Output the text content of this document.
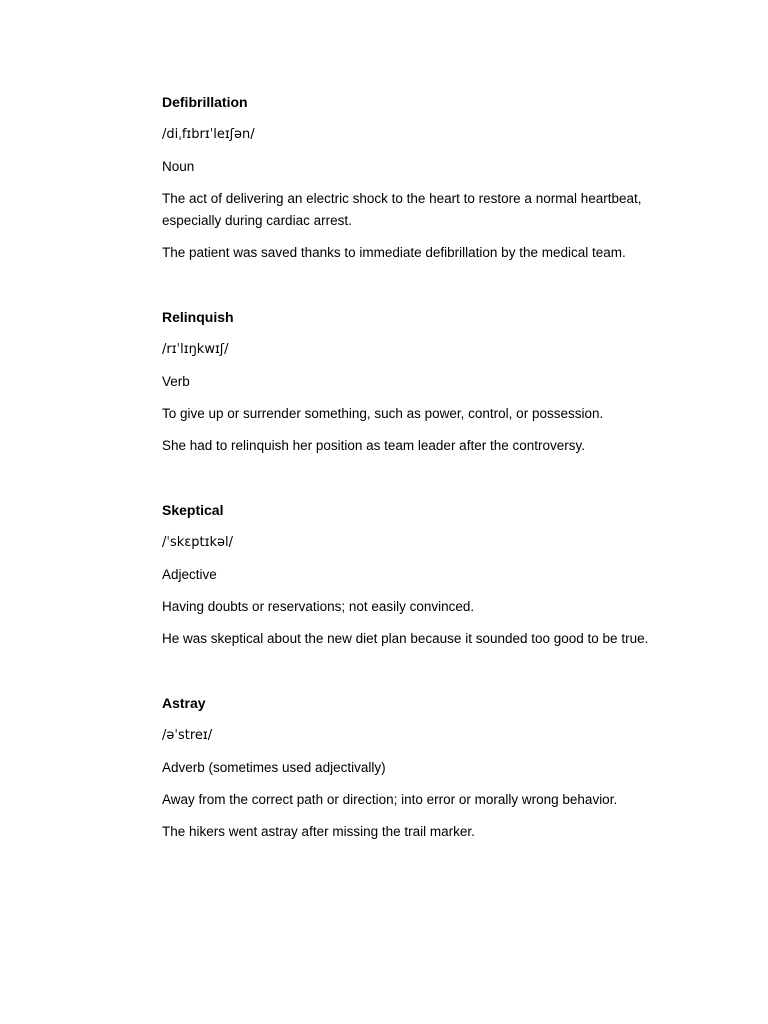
Defibrillation
/diˌfɪbrɪˈleɪʃən/
Noun
The act of delivering an electric shock to the heart to restore a normal heartbeat, especially during cardiac arrest.
The patient was saved thanks to immediate defibrillation by the medical team.
Relinquish
/rɪˈlɪŋkwɪʃ/
Verb
To give up or surrender something, such as power, control, or possession.
She had to relinquish her position as team leader after the controversy.
Skeptical
/ˈskɛptɪkəl/
Adjective
Having doubts or reservations; not easily convinced.
He was skeptical about the new diet plan because it sounded too good to be true.
Astray
/əˈstreɪ/
Adverb (sometimes used adjectivally)
Away from the correct path or direction; into error or morally wrong behavior.
The hikers went astray after missing the trail marker.
